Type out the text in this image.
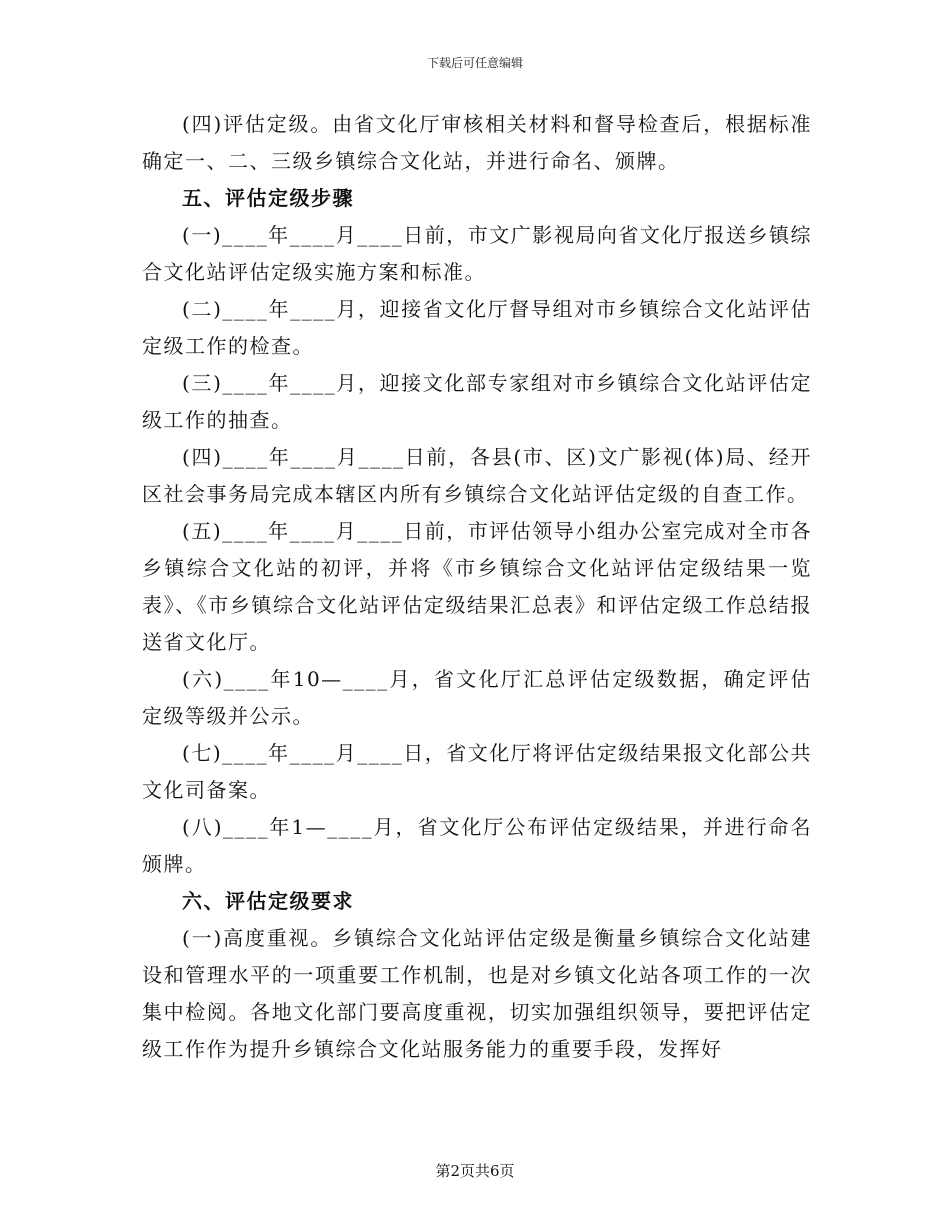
下载后可任意编辑

(四)评估定级。由省文化厅审核相关材料和督导检查后，根据标准确定一、二、三级乡镇综合文化站，并进行命名、颁牌。

五、评估定级步骤

(一)____年____月____日前，市文广影视局向省文化厅报送乡镇综合文化站评估定级实施方案和标准。

(二)____年____月，迎接省文化厅督导组对市乡镇综合文化站评估定级工作的检查。

(三)____年____月，迎接文化部专家组对市乡镇综合文化站评估定级工作的抽查。

(四)____年____月____日前，各县(市、区)文广影视(体)局、经开区社会事务局完成本辖区内所有乡镇综合文化站评估定级的自查工作。

(五)____年____月____日前，市评估领导小组办公室完成对全市各乡镇综合文化站的初评，并将《市乡镇综合文化站评估定级结果一览表》、《市乡镇综合文化站评估定级结果汇总表》和评估定级工作总结报送省文化厅。

(六)____年10—____月，省文化厅汇总评估定级数据，确定评估定级等级并公示。

(七)____年____月____日，省文化厅将评估定级结果报文化部公共文化司备案。

(八)____年1—____月，省文化厅公布评估定级结果，并进行命名颁牌。

六、评估定级要求

(一)高度重视。乡镇综合文化站评估定级是衡量乡镇综合文化站建设和管理水平的一项重要工作机制，也是对乡镇文化站各项工作的一次集中检阅。各地文化部门要高度重视，切实加强组织领导，要把评估定级工作作为提升乡镇综合文化站服务能力的重要手段，发挥好

第2页共6页
